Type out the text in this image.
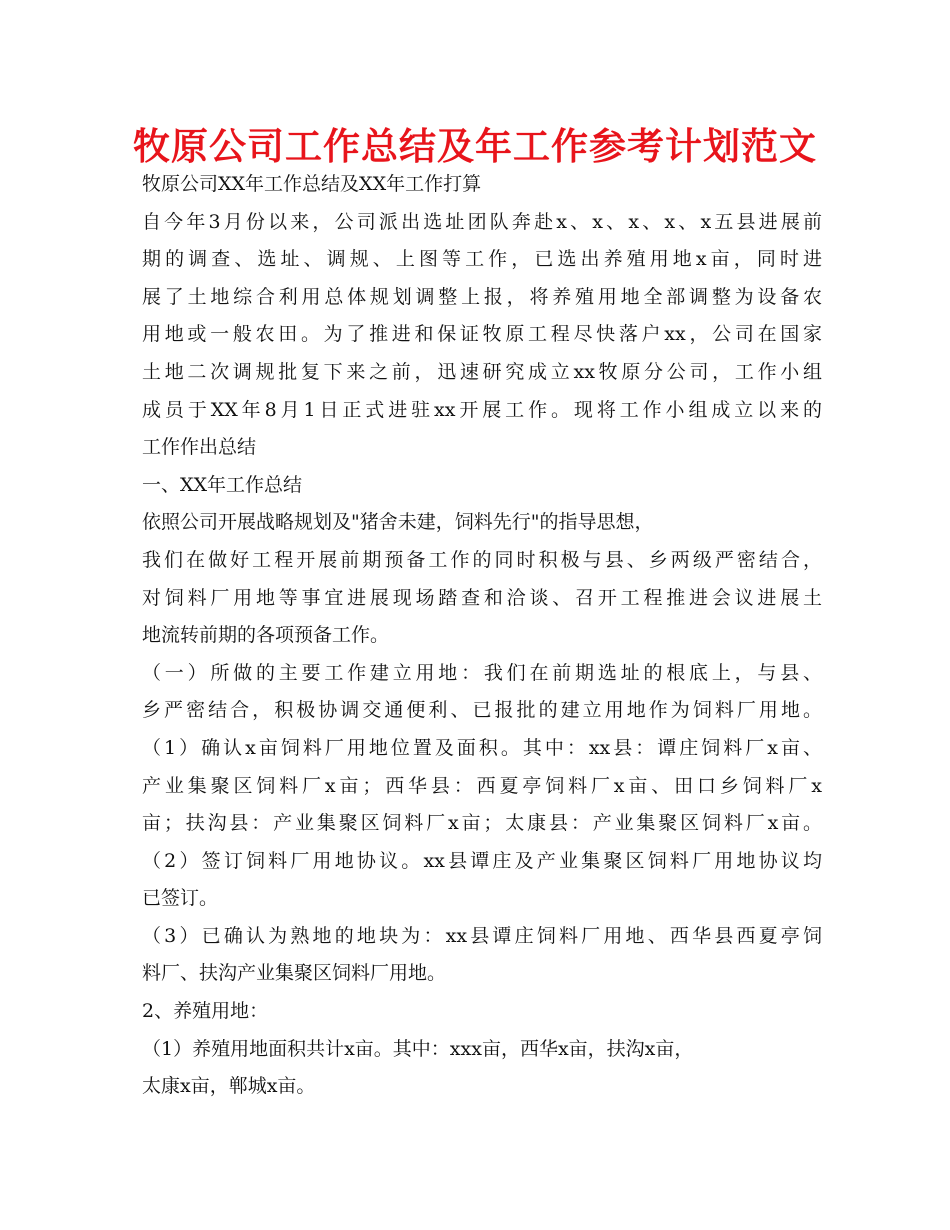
牧原公司工作总结及年工作参考计划范文
牧原公司XX年工作总结及XX年工作打算
自今年3月份以来，公司派出选址团队奔赴x、x、x、x、x五县进展前
期的调查、选址、调规、上图等工作，已选出养殖用地x亩，同时进
展了土地综合利用总体规划调整上报，将养殖用地全部调整为设备农
用地或一般农田。为了推进和保证牧原工程尽快落户xx，公司在国家
土地二次调规批复下来之前，迅速研究成立xx牧原分公司，工作小组
成员于XX年8月1日正式进驻xx开展工作。现将工作小组成立以来的
工作作出总结
一、XX年工作总结
依照公司开展战略规划及"猪舍未建，饲料先行"的指导思想，
我们在做好工程开展前期预备工作的同时积极与县、乡两级严密结合，
对饲料厂用地等事宜进展现场踏查和洽谈、召开工程推进会议进展土
地流转前期的各项预备工作。
（一）所做的主要工作建立用地：我们在前期选址的根底上，与县、
乡严密结合，积极协调交通便利、已报批的建立用地作为饲料厂用地。
（1）确认x亩饲料厂用地位置及面积。其中：xx县：谭庄饲料厂x亩、
产业集聚区饲料厂x亩；西华县：西夏亭饲料厂x亩、田口乡饲料厂x
亩；扶沟县：产业集聚区饲料厂x亩；太康县：产业集聚区饲料厂x亩。
（2）签订饲料厂用地协议。xx县谭庄及产业集聚区饲料厂用地协议均
已签订。
（3）已确认为熟地的地块为：xx县谭庄饲料厂用地、西华县西夏亭饲
料厂、扶沟产业集聚区饲料厂用地。
2、养殖用地：
（1）养殖用地面积共计x亩。其中：xxx亩，西华x亩，扶沟x亩，
太康x亩，郸城x亩。
